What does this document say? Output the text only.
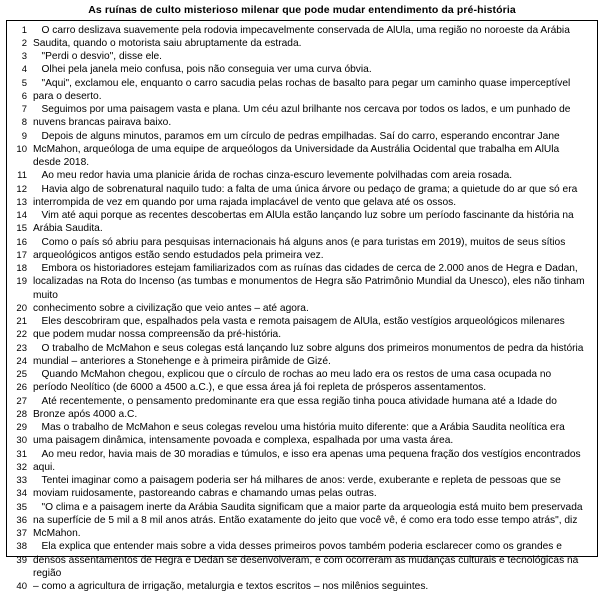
As ruínas de culto misterioso milenar que pode mudar entendimento da pré-história
1 O carro deslizava suavemente pela rodovia impecavelmente conservada de AlUla, uma região no noroeste da Arábia
2 Saudita, quando o motorista saiu abruptamente da estrada.
3 "Perdi o desvio", disse ele.
4 Olhei pela janela meio confusa, pois não conseguia ver uma curva óbvia.
5 "Aqui", exclamou ele, enquanto o carro sacudia pelas rochas de basalto para pegar um caminho quase imperceptível
6 para o deserto.
7 Seguimos por uma paisagem vasta e plana. Um céu azul brilhante nos cercava por todos os lados, e um punhado de
8 nuvens brancas pairava baixo.
9 Depois de alguns minutos, paramos em um círculo de pedras empilhadas. Saí do carro, esperando encontrar Jane
10 McMahon, arqueóloga de uma equipe de arqueólogos da Universidade da Austrália Ocidental que trabalha em AlUla desde 2018.
11 Ao meu redor havia uma planicie árida de rochas cinza-escuro levemente polvilhadas com areia rosada.
12 Havia algo de sobrenatural naquilo tudo: a falta de uma única árvore ou pedaço de grama; a quietude do ar que só era
13 interrompida de vez em quando por uma rajada implacável de vento que gelava até os ossos.
14 Vim até aqui porque as recentes descobertas em AlUla estão lançando luz sobre um período fascinante da história na
15 Arábia Saudita.
16 Como o país só abriu para pesquisas internacionais há alguns anos (e para turistas em 2019), muitos de seus sítios
17 arqueológicos antigos estão sendo estudados pela primeira vez.
18 Embora os historiadores estejam familiarizados com as ruínas das cidades de cerca de 2.000 anos de Hegra e Dadan,
19 localizadas na Rota do Incenso (as tumbas e monumentos de Hegra são Patrimônio Mundial da Unesco), eles não tinham muito
20 conhecimento sobre a civilização que veio antes – até agora.
21 Eles descobriram que, espalhados pela vasta e remota paisagem de AlUla, estão vestígios arqueológicos milenares
22 que podem mudar nossa compreensão da pré-história.
23 O trabalho de McMahon e seus colegas está lançando luz sobre alguns dos primeiros monumentos de pedra da história
24 mundial – anteriores a Stonehenge e à primeira pirâmide de Gizé.
25 Quando McMahon chegou, explicou que o círculo de rochas ao meu lado era os restos de uma casa ocupada no
26 período Neolítico (de 6000 a 4500 a.C.), e que essa área já foi repleta de prósperos assentamentos.
27 Até recentemente, o pensamento predominante era que essa região tinha pouca atividade humana até a Idade do
28 Bronze após 4000 a.C.
29 Mas o trabalho de McMahon e seus colegas revelou uma história muito diferente: que a Arábia Saudita neolítica era
30 uma paisagem dinâmica, intensamente povoada e complexa, espalhada por uma vasta área.
31 Ao meu redor, havia mais de 30 moradias e túmulos, e isso era apenas uma pequena fração dos vestígios encontrados
32 aqui.
33 Tentei imaginar como a paisagem poderia ser há milhares de anos: verde, exuberante e repleta de pessoas que se
34 moviam ruidosamente, pastoreando cabras e chamando umas pelas outras.
35 "O clima e a paisagem inerte da Arábia Saudita significam que a maior parte da arqueologia está muito bem preservada
36 na superfície de 5 mil a 8 mil anos atrás. Então exatamente do jeito que você vê, é como era todo esse tempo atrás", diz
37 McMahon.
38 Ela explica que entender mais sobre a vida desses primeiros povos também poderia esclarecer como os grandes e
39 densos assentamentos de Hegra e Dedan se desenvolveram, e com ocorreram as mudanças culturais e tecnológicas na região
40 – como a agricultura de irrigação, metalurgia e textos escritos – nos milênios seguintes.
